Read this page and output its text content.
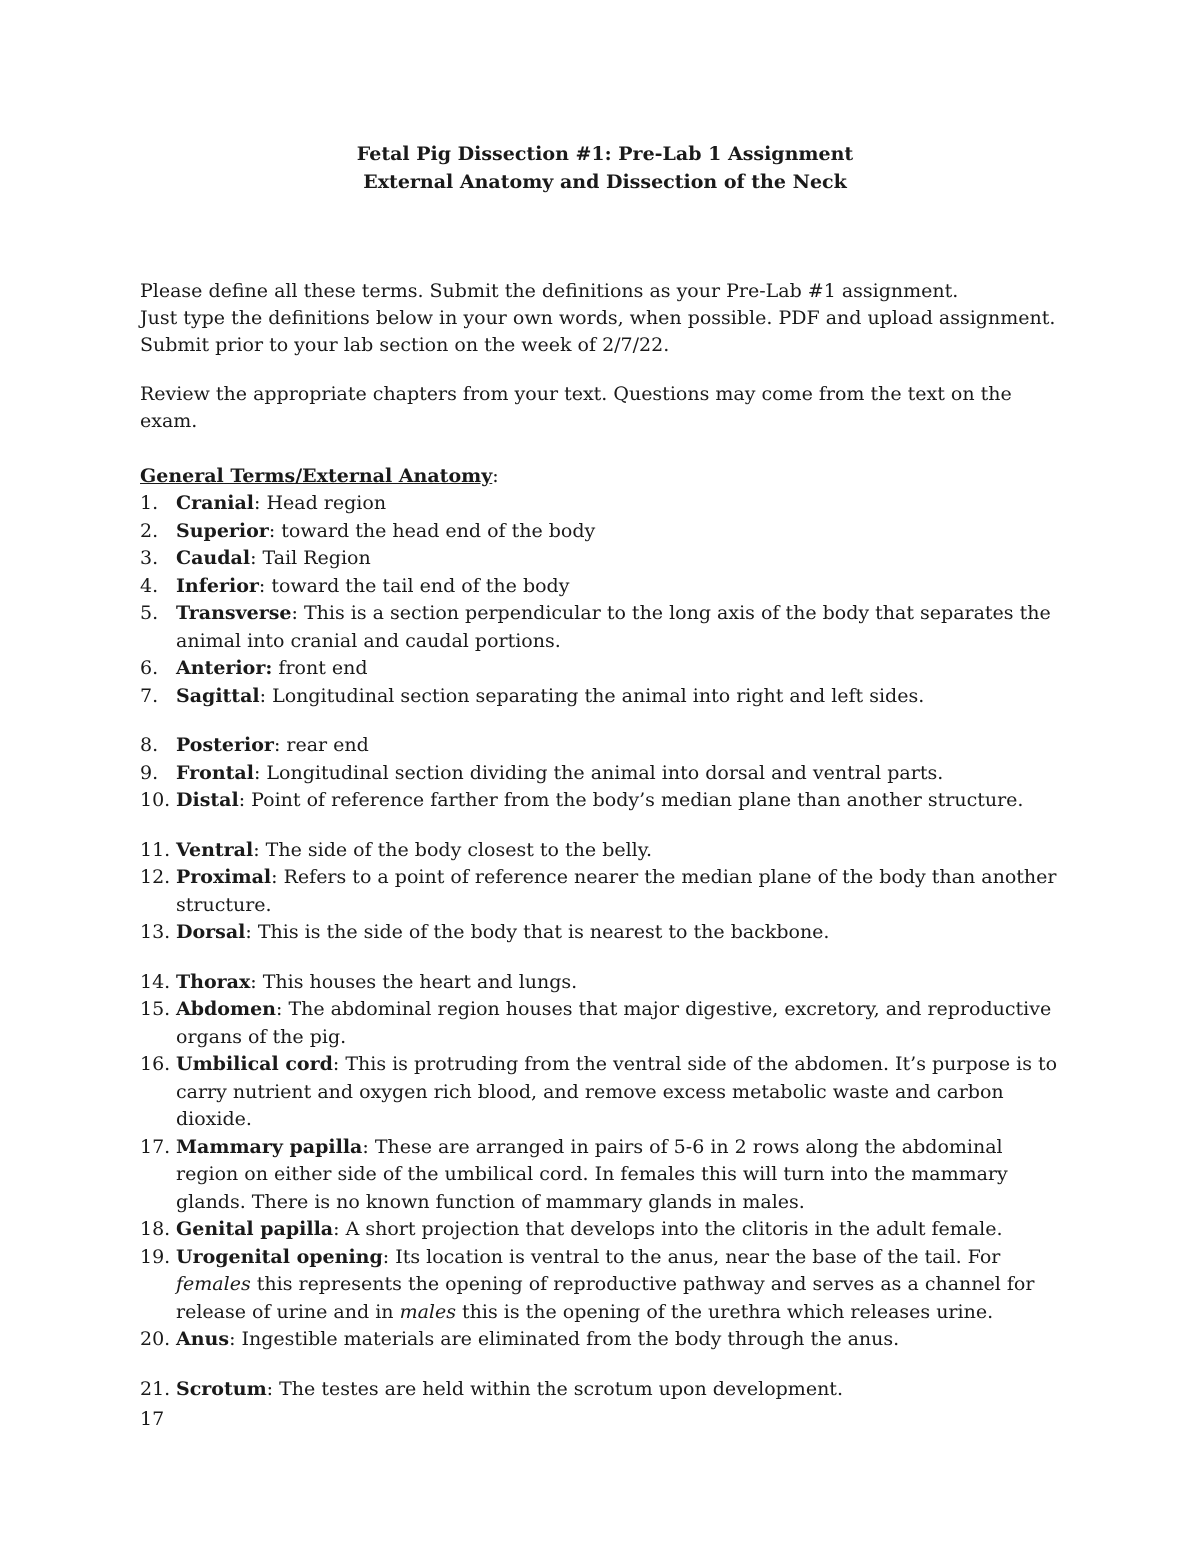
Fetal Pig Dissection #1: Pre-Lab 1 Assignment
External Anatomy and Dissection of the Neck

Please define all these terms. Submit the definitions as your Pre-Lab #1 assignment.

Just type the definitions below in your own words, when possible. PDF and upload assignment.

Submit prior to your lab section on the week of 2/7/22.

Review the appropriate chapters from your text. Questions may come from the text on the exam.
General Terms/External Anatomy:
1. Cranial: Head region
2. Superior: toward the head end of the body
3. Caudal: Tail Region
4. Inferior: toward the tail end of the body
5. Transverse: This is a section perpendicular to the long axis of the body that separates the animal into cranial and caudal portions.
6. Anterior: front end
7. Sagittal: Longitudinal section separating the animal into right and left sides.
8. Posterior: rear end
9. Frontal: Longitudinal section dividing the animal into dorsal and ventral parts.
10. Distal: Point of reference farther from the body’s median plane than another structure.
11. Ventral: The side of the body closest to the belly.
12. Proximal: Refers to a point of reference nearer the median plane of the body than another structure.
13. Dorsal: This is the side of the body that is nearest to the backbone.
14. Thorax: This houses the heart and lungs.
15. Abdomen: The abdominal region houses that major digestive, excretory, and reproductive organs of the pig.
16. Umbilical cord: This is protruding from the ventral side of the abdomen. It’s purpose is to carry nutrient and oxygen rich blood, and remove excess metabolic waste and carbon dioxide.
17. Mammary papilla: These are arranged in pairs of 5-6 in 2 rows along the abdominal region on either side of the umbilical cord. In females this will turn into the mammary glands. There is no known function of mammary glands in males.
18. Genital papilla: A short projection that develops into the clitoris in the adult female.
19. Urogenital opening: Its location is ventral to the anus, near the base of the tail. For females this represents the opening of reproductive pathway and serves as a channel for release of urine and in males this is the opening of the urethra which releases urine.
20. Anus: Ingestible materials are eliminated from the body through the anus.
21. Scrotum: The testes are held within the scrotum upon development.
17
